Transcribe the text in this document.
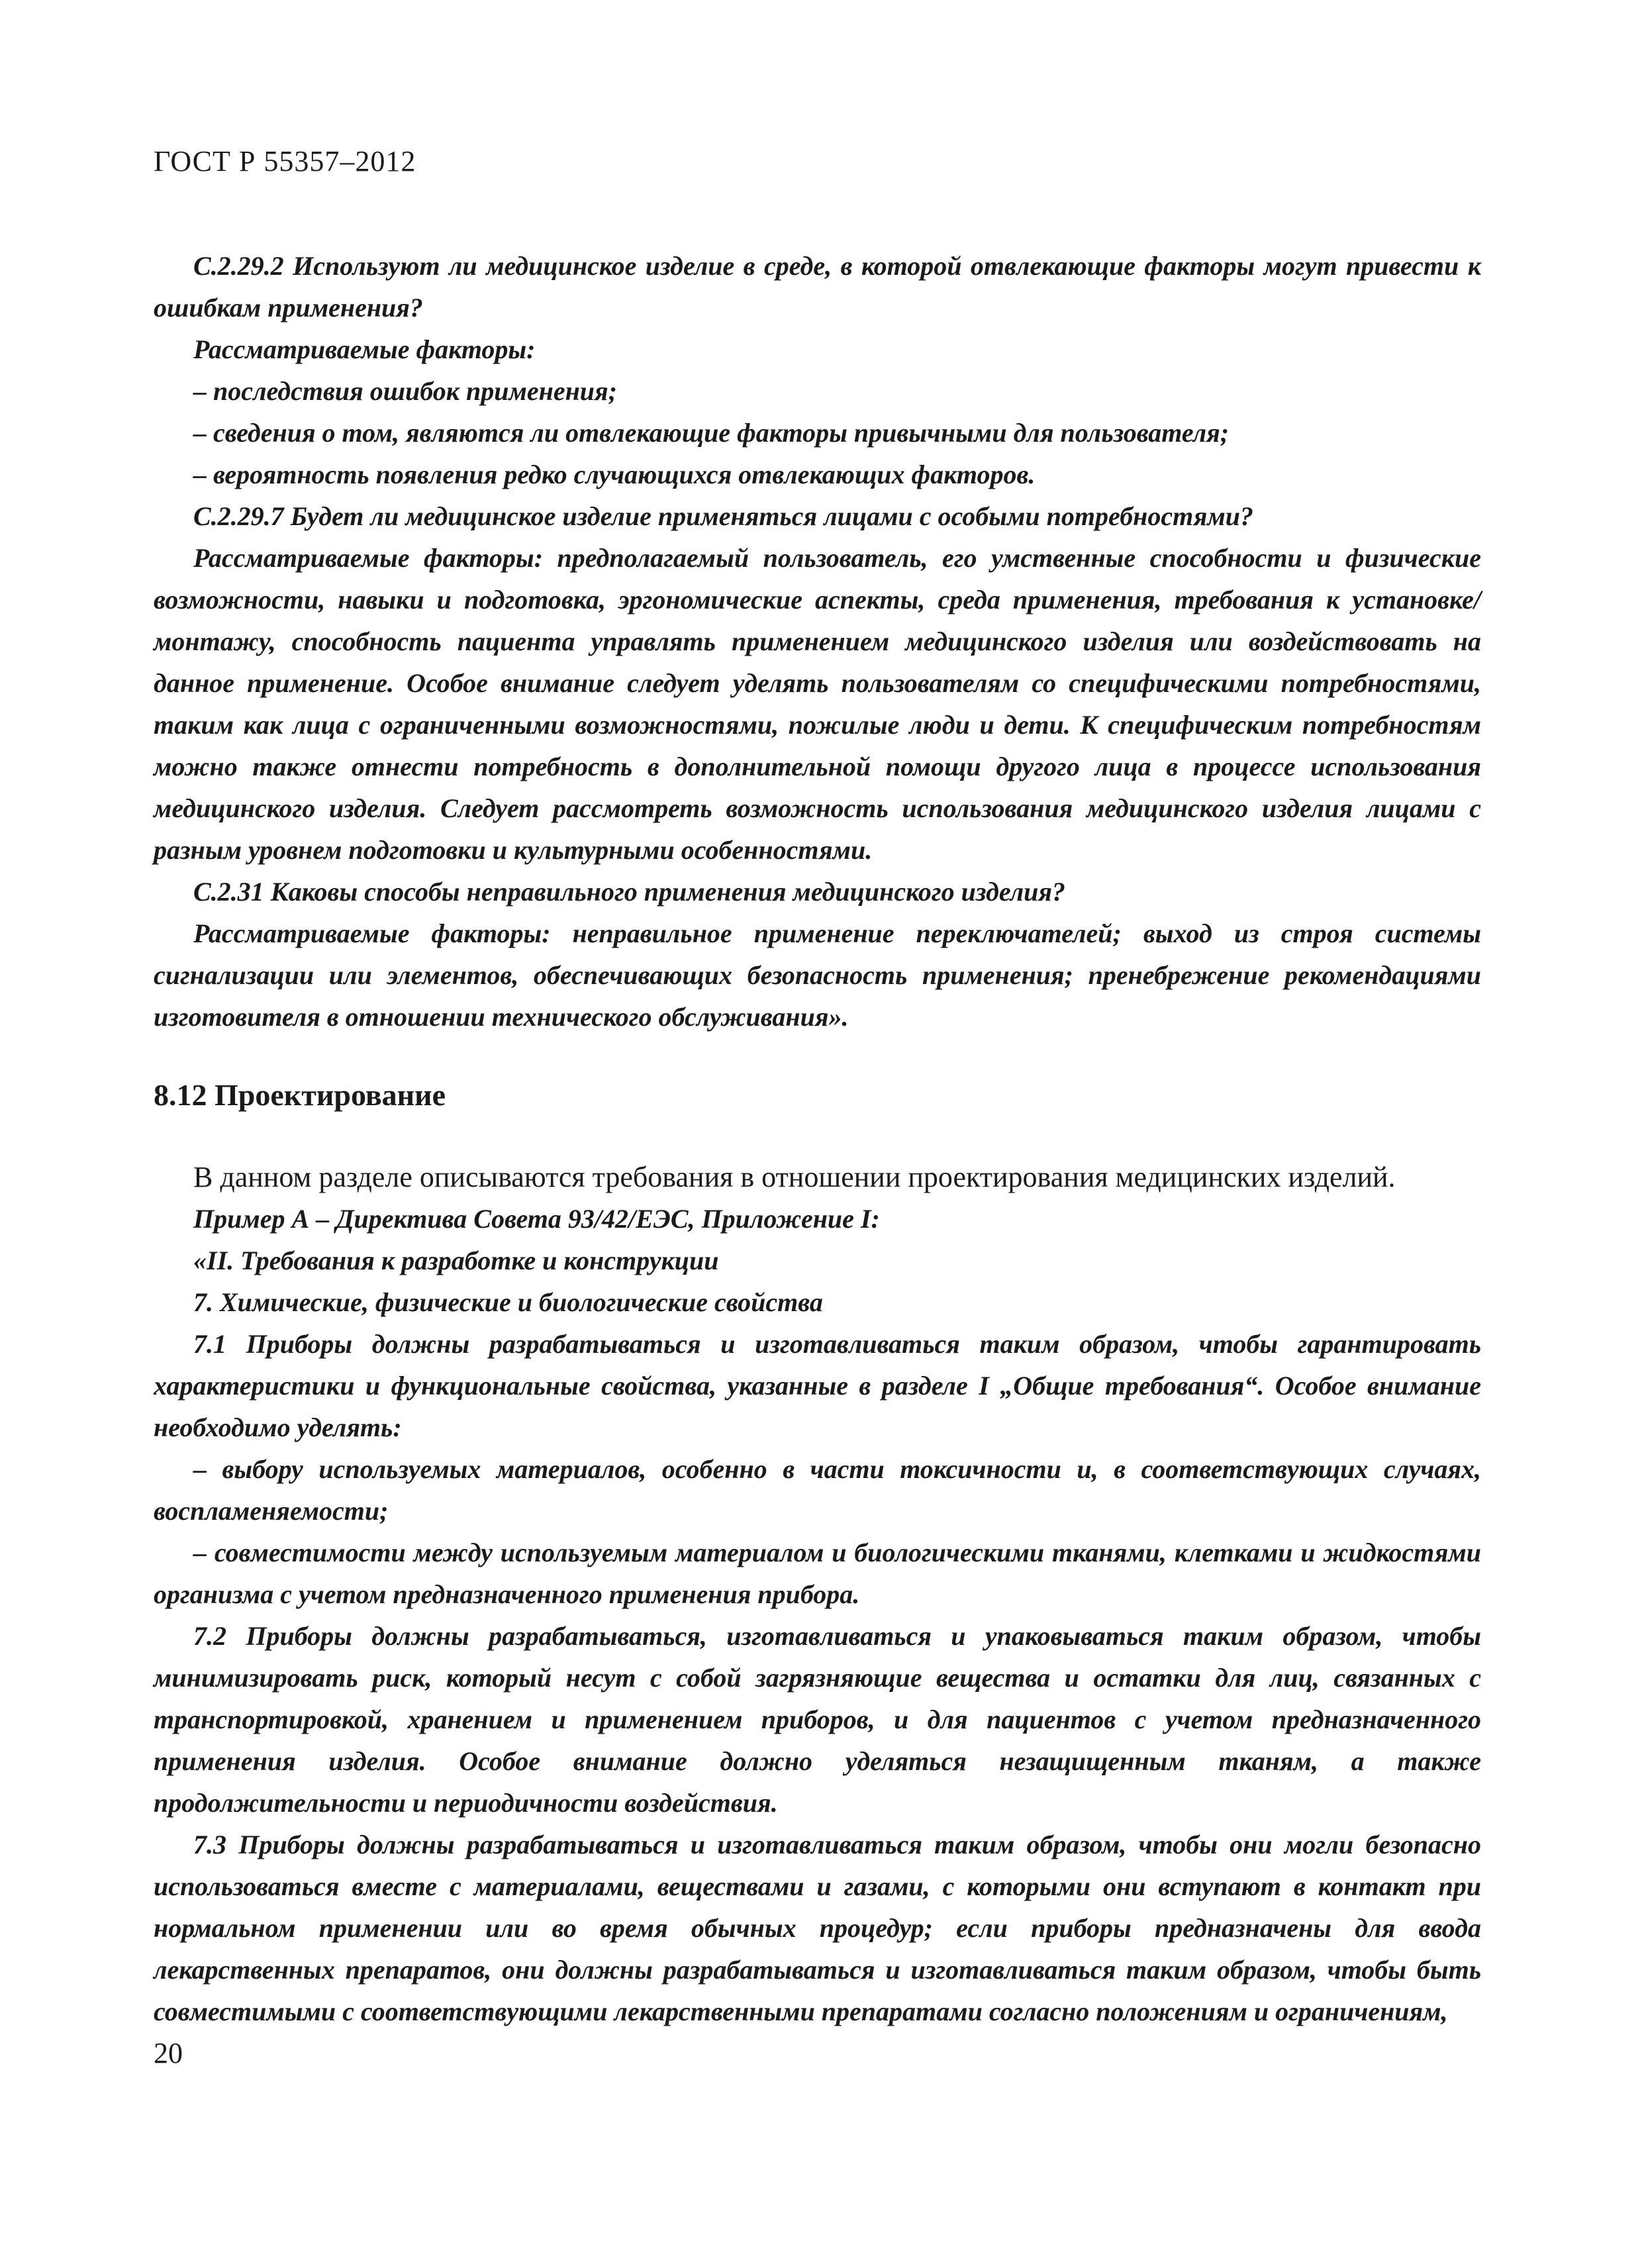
ГОСТ Р 55357–2012

С.2.29.2 Используют ли медицинское изделие в среде, в которой отвлекающие факторы могут привести к ошибкам применения?

Рассматриваемые факторы:

– последствия ошибок применения;

– сведения о том, являются ли отвлекающие факторы привычными для пользователя;

– вероятность появления редко случающихся отвлекающих факторов.

С.2.29.7 Будет ли медицинское изделие применяться лицами с особыми потребностями?

Рассматриваемые факторы: предполагаемый пользователь, его умственные способности и физические возможности, навыки и подготовка, эргономические аспекты, среда применения, требования к установке/монтажу, способность пациента управлять применением медицинского изделия или воздействовать на данное применение. Особое внимание следует уделять пользователям со специфическими потребностями, таким как лица с ограниченными возможностями, пожилые люди и дети. К специфическим потребностям можно также отнести потребность в дополнительной помощи другого лица в процессе использования медицинского изделия. Следует рассмотреть возможность использования медицинского изделия лицами с разным уровнем подготовки и культурными особенностями.

С.2.31 Каковы способы неправильного применения медицинского изделия?

Рассматриваемые факторы: неправильное применение переключателей; выход из строя системы сигнализации или элементов, обеспечивающих безопасность применения; пренебрежение рекомендациями изготовителя в отношении технического обслуживания».

8.12 Проектирование

В данном разделе описываются требования в отношении проектирования медицинских изделий.

Пример А – Директива Совета 93/42/ЕЭС, Приложение I:

«II. Требования к разработке и конструкции

7. Химические, физические и биологические свойства

7.1 Приборы должны разрабатываться и изготавливаться таким образом, чтобы гарантировать характеристики и функциональные свойства, указанные в разделе I „Общие требования“. Особое внимание необходимо уделять:

– выбору используемых материалов, особенно в части токсичности и, в соответствующих случаях, воспламеняемости;

– совместимости между используемым материалом и биологическими тканями, клетками и жидкостями организма с учетом предназначенного применения прибора.

7.2 Приборы должны разрабатываться, изготавливаться и упаковываться таким образом, чтобы минимизировать риск, который несут с собой загрязняющие вещества и остатки для лиц, связанных с транспортировкой, хранением и применением приборов, и для пациентов с учетом предназначенного применения изделия. Особое внимание должно уделяться незащищенным тканям, а также продолжительности и периодичности воздействия.

7.3 Приборы должны разрабатываться и изготавливаться таким образом, чтобы они могли безопасно использоваться вместе с материалами, веществами и газами, с которыми они вступают в контакт при нормальном применении или во время обычных процедур; если приборы предназначены для ввода лекарственных препаратов, они должны разрабатываться и изготавливаться таким образом, чтобы быть совместимыми с соответствующими лекарственными препаратами согласно положениям и ограничениям,

20
